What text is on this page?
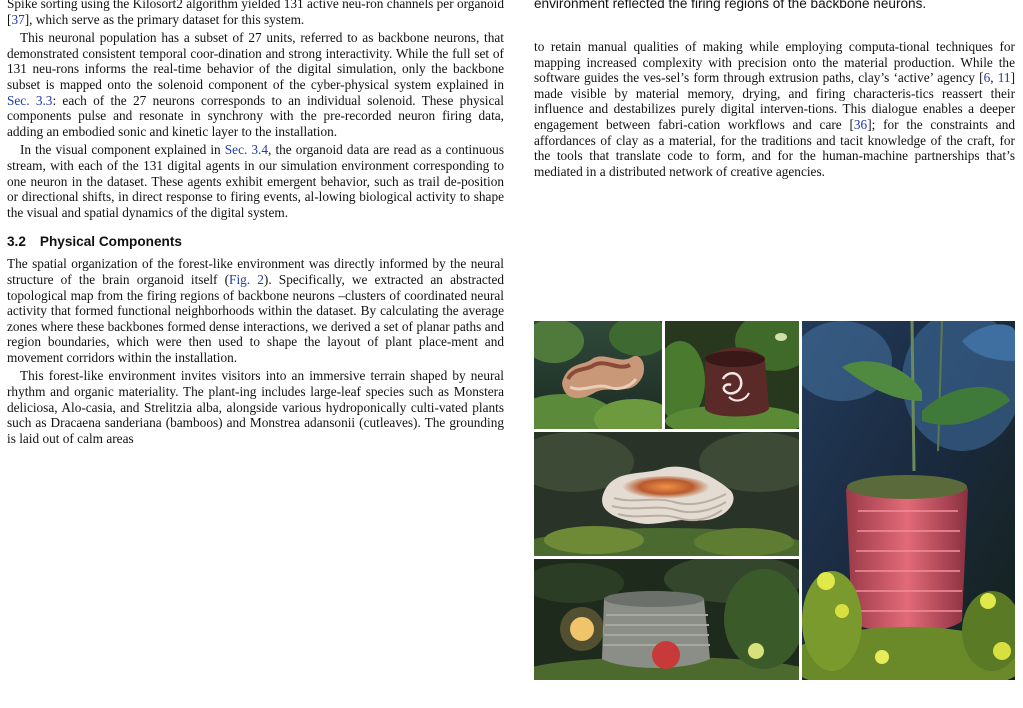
Spike sorting using the Kilosort2 algorithm yielded 131 active neu-ron channels per organoid [37], which serve as the primary dataset for this system.

This neuronal population has a subset of 27 units, referred to as backbone neurons, that demonstrated consistent temporal coor-dination and strong interactivity. While the full set of 131 neu-rons informs the real-time behavior of the digital simulation, only the backbone subset is mapped onto the solenoid component of the cyber-physical system explained in Sec. 3.3: each of the 27 neurons corresponds to an individual solenoid. These physical components pulse and resonate in synchrony with the pre-recorded neuron firing data, adding an embodied sonic and kinetic layer to the installation.

In the visual component explained in Sec. 3.4, the organoid data are read as a continuous stream, with each of the 131 digital agents in our simulation environment corresponding to one neuron in the dataset. These agents exhibit emergent behavior, such as trail de-position or directional shifts, in direct response to firing events, al-lowing biological activity to shape the visual and spatial dynamics of the digital system.

3.2 Physical Components

The spatial organization of the forest-like environment was directly informed by the neural structure of the brain organoid itself (Fig. 2). Specifically, we extracted an abstracted topological map from the firing regions of backbone neurons –clusters of coordinated neural activity that formed functional neighborhoods within the dataset. By calculating the average zones where these backbones formed dense interactions, we derived a set of planar paths and region boundaries, which were then used to shape the layout of plant place-ment and movement corridors within the installation.

This forest-like environment invites visitors into an immersive terrain shaped by neural rhythm and organic materiality. The plant-ing includes large-leaf species such as Monstera deliciosa, Alo-casia, and Strelitzia alba, alongside various hydroponically culti-vated plants such as Dracaena sanderiana (bamboos) and Monstrea adansonii (cutleaves). The grounding is laid out of calm areas

environment reflected the firing regions of the backbone neurons.

to retain manual qualities of making while employing computa-tional techniques for mapping increased complexity with precision onto the material production. While the software guides the ves-sel’s form through extrusion paths, clay’s ‘active’ agency [6, 11] made visible by material memory, drying, and firing characteris-tics reassert their influence and destabilizes purely digital interven-tions. This dialogue enables a deeper engagement between fabri-cation workflows and care [36]; for the constraints and affordances of clay as a material, for the traditions and tacit knowledge of the craft, for the tools that translate code to form, and for the human-machine partnerships that’s mediated in a distributed network of creative agencies.
